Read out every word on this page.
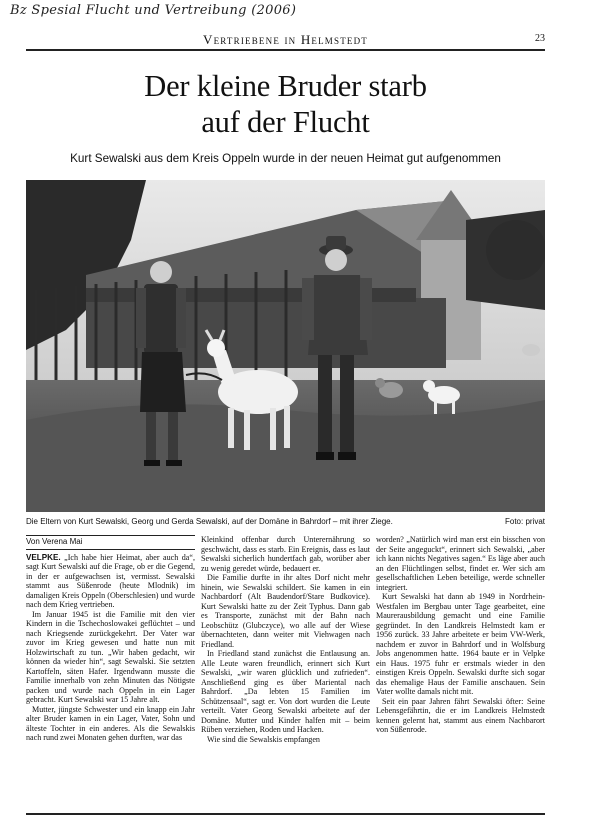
Bz Spesial Flucht und Vertreibung (2006)
Vertriebene in Helmstedt	23
Der kleine Bruder starb
auf der Flucht
Kurt Sewalski aus dem Kreis Oppeln wurde in der neuen Heimat gut aufgenommen
Die Eltern von Kurt Sewalski, Georg und Gerda Sewalski, auf der Domäne in Bahrdorf – mit ihrer Ziege.	Foto: privat
Von Verena Mai

VELPKE. „Ich habe hier Heimat, aber auch da“, sagt Kurt Sewalski auf die Frage, ob er die Gegend, in der er aufgewachsen ist, vermisst. Sewalski stammt aus Süßenrode (heute Mlodnik) im damaligen Kreis Oppeln (Oberschlesien) und wurde nach dem Krieg vertrieben.

Im Januar 1945 ist die Familie mit den vier Kindern in die Tschechoslowakei geflüchtet – und nach Kriegsende zurückgekehrt. Der Vater war zuvor im Krieg gewesen und hatte nun mit Holzwirtschaft zu tun. „Wir haben gedacht, wir können da wieder hin“, sagt Sewalski. Sie setzten Kartoffeln, säten Hafer. Irgendwann musste die Familie innerhalb von zehn Minuten das Nötigste packen und wurde nach Oppeln in ein Lager gebracht. Kurt Sewalski war 15 Jahre alt.

Mutter, jüngste Schwester und ein knapp ein Jahr alter Bruder kamen in ein Lager, Vater, Sohn und älteste Tochter in ein anderes. Als die Sewalskis nach rund zwei Monaten gehen durften, war das

Kleinkind offenbar durch Unterernährung so geschwächt, dass es starb. Ein Ereignis, dass es laut Sewalski sicherlich hundertfach gab, worüber aber zu wenig geredet würde, bedauert er.

Die Familie durfte in ihr altes Dorf nicht mehr hinein, wie Sewalski schildert. Sie kamen in ein Nachbardorf (Alt Baudendorf/Stare Budkovice). Kurt Sewalski hatte zu der Zeit Typhus. Dann gab es Transporte, zunächst mit der Bahn nach Leobschütz (Glubczyce), wo alle auf der Wiese übernachteten, dann weiter mit Viehwagen nach Friedland.

In Friedland stand zunächst die Entlausung an. Alle Leute waren freundlich, erinnert sich Kurt Sewalski, „wir waren glücklich und zufrieden“. Anschließend ging es über Mariental nach Bahrdorf. „Da lebten 15 Familien im Schützensaal“, sagt er. Von dort wurden die Leute verteilt. Vater Georg Sewalski arbeitete auf der Domäne. Mutter und Kinder halfen mit – beim Rüben verziehen, Roden und Hacken.

Wie sind die Sewalskis empfangen

worden? „Natürlich wird man erst ein bisschen von der Seite angeguckt“, erinnert sich Sewalski, „aber ich kann nichts Negatives sagen.“ Es läge aber auch an den Flüchtlingen selbst, findet er. Wer sich am gesellschaftlichen Leben beteilige, werde schneller integriert.

Kurt Sewalski hat dann ab 1949 in Nordrhein-Westfalen im Bergbau unter Tage gearbeitet, eine Maurerausbildung gemacht und eine Familie gegründet. In den Landkreis Helmstedt kam er 1956 zurück. 33 Jahre arbeitete er beim VW-Werk, nachdem er zuvor in Bahrdorf und in Wolfsburg Jobs angenommen hatte. 1964 baute er in Velpke ein Haus. 1975 fuhr er erstmals wieder in den einstigen Kreis Oppeln. Sewalski durfte sich sogar das ehemalige Haus der Familie anschauen. Sein Vater wollte damals nicht mit.

Seit ein paar Jahren fährt Sewalski öfter: Seine Lebensgefährtin, die er im Landkreis Helmstedt kennen gelernt hat, stammt aus einem Nachbarort von Süßenrode.
